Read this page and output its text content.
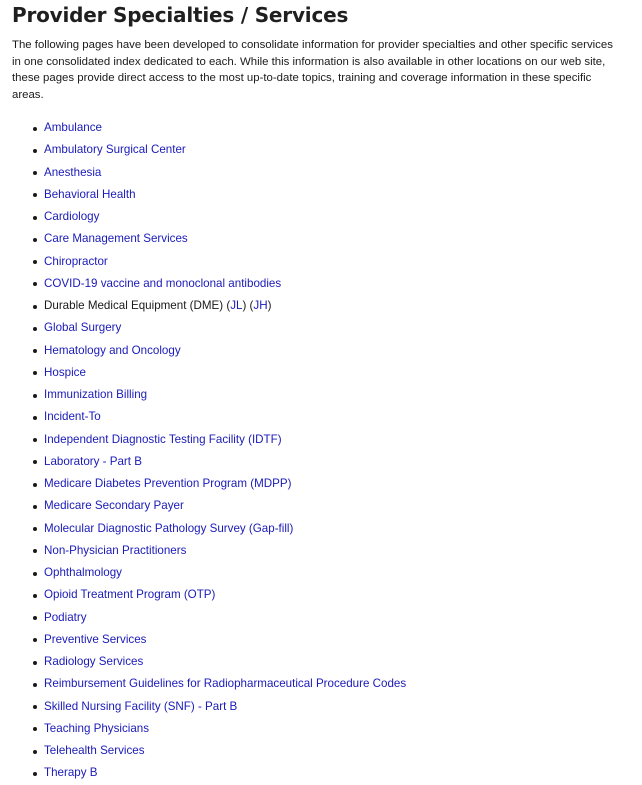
Provider Specialties / Services

The following pages have been developed to consolidate information for provider specialties and other specific services in one consolidated index dedicated to each. While this information is also available in other locations on our web site, these pages provide direct access to the most up-to-date topics, training and coverage information in these specific areas.

Ambulance
Ambulatory Surgical Center
Anesthesia
Behavioral Health
Cardiology
Care Management Services
Chiropractor
COVID-19 vaccine and monoclonal antibodies
Durable Medical Equipment (DME) (JL) (JH)
Global Surgery
Hematology and Oncology
Hospice
Immunization Billing
Incident-To
Independent Diagnostic Testing Facility (IDTF)
Laboratory - Part B
Medicare Diabetes Prevention Program (MDPP)
Medicare Secondary Payer
Molecular Diagnostic Pathology Survey (Gap-fill)
Non-Physician Practitioners
Ophthalmology
Opioid Treatment Program (OTP)
Podiatry
Preventive Services
Radiology Services
Reimbursement Guidelines for Radiopharmaceutical Procedure Codes
Skilled Nursing Facility (SNF) - Part B
Teaching Physicians
Telehealth Services
Therapy B
